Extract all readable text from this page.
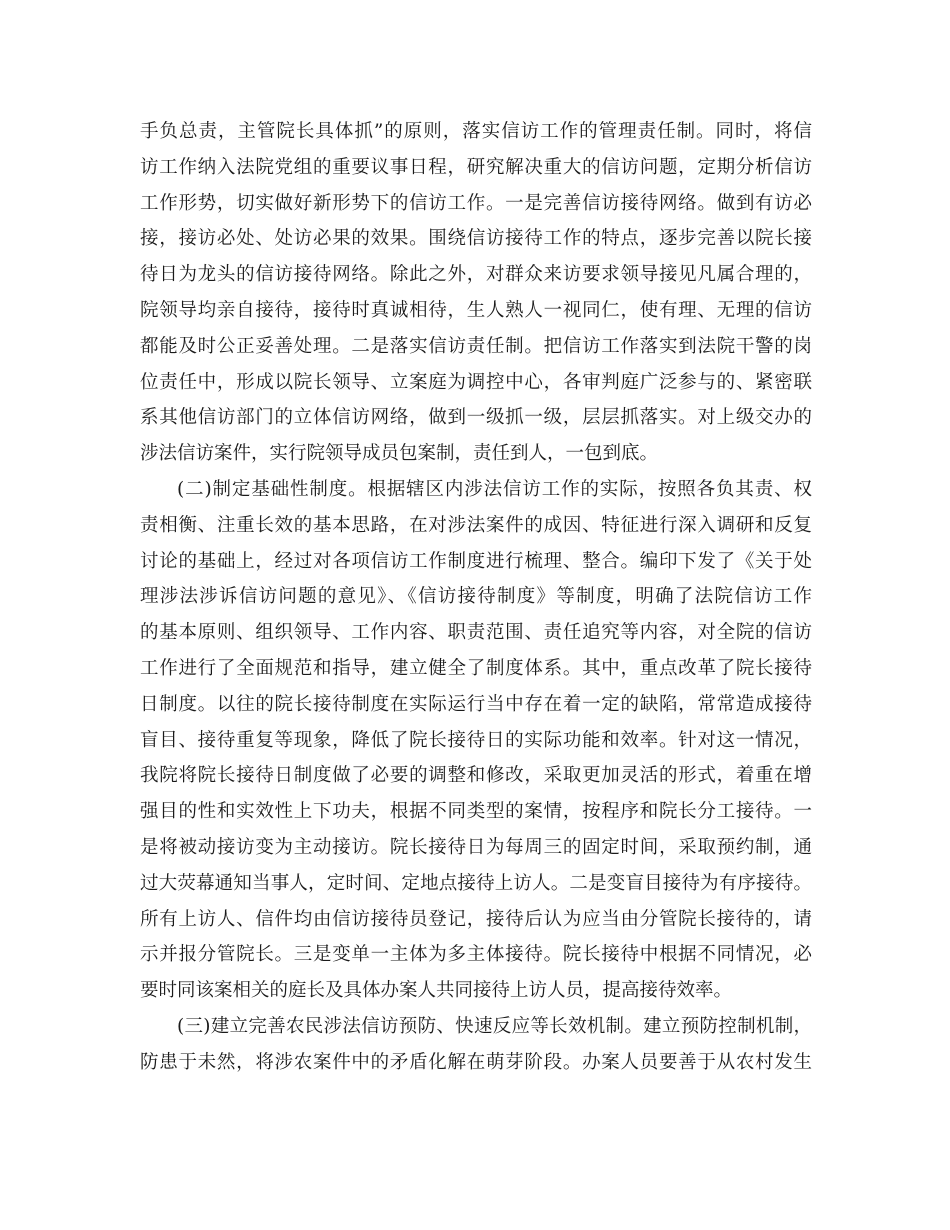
手负总责，主管院长具体抓”的原则，落实信访工作的管理责任制。同时，将信
访工作纳入法院党组的重要议事日程，研究解决重大的信访问题，定期分析信访
工作形势，切实做好新形势下的信访工作。一是完善信访接待网络。做到有访必
接，接访必处、处访必果的效果。围绕信访接待工作的特点，逐步完善以院长接
待日为龙头的信访接待网络。除此之外，对群众来访要求领导接见凡属合理的，
院领导均亲自接待，接待时真诚相待，生人熟人一视同仁，使有理、无理的信访
都能及时公正妥善处理。二是落实信访责任制。把信访工作落实到法院干警的岗
位责任中，形成以院长领导、立案庭为调控中心，各审判庭广泛参与的、紧密联
系其他信访部门的立体信访网络，做到一级抓一级，层层抓落实。对上级交办的
涉法信访案件，实行院领导成员包案制，责任到人，一包到底。
(二)制定基础性制度。根据辖区内涉法信访工作的实际，按照各负其责、权
责相衡、注重长效的基本思路，在对涉法案件的成因、特征进行深入调研和反复
讨论的基础上，经过对各项信访工作制度进行梳理、整合。编印下发了《关于处
理涉法涉诉信访问题的意见》、《信访接待制度》等制度，明确了法院信访工作
的基本原则、组织领导、工作内容、职责范围、责任追究等内容，对全院的信访
工作进行了全面规范和指导，建立健全了制度体系。其中，重点改革了院长接待
日制度。以往的院长接待制度在实际运行当中存在着一定的缺陷，常常造成接待
盲目、接待重复等现象，降低了院长接待日的实际功能和效率。针对这一情况，
我院将院长接待日制度做了必要的调整和修改，采取更加灵活的形式，着重在增
强目的性和实效性上下功夫，根据不同类型的案情，按程序和院长分工接待。一
是将被动接访变为主动接访。院长接待日为每周三的固定时间，采取预约制，通
过大荧幕通知当事人，定时间、定地点接待上访人。二是变盲目接待为有序接待。
所有上访人、信件均由信访接待员登记，接待后认为应当由分管院长接待的，请
示并报分管院长。三是变单一主体为多主体接待。院长接待中根据不同情况，必
要时同该案相关的庭长及具体办案人共同接待上访人员，提高接待效率。
(三)建立完善农民涉法信访预防、快速反应等长效机制。建立预防控制机制，
防患于未然，将涉农案件中的矛盾化解在萌芽阶段。办案人员要善于从农村发生
